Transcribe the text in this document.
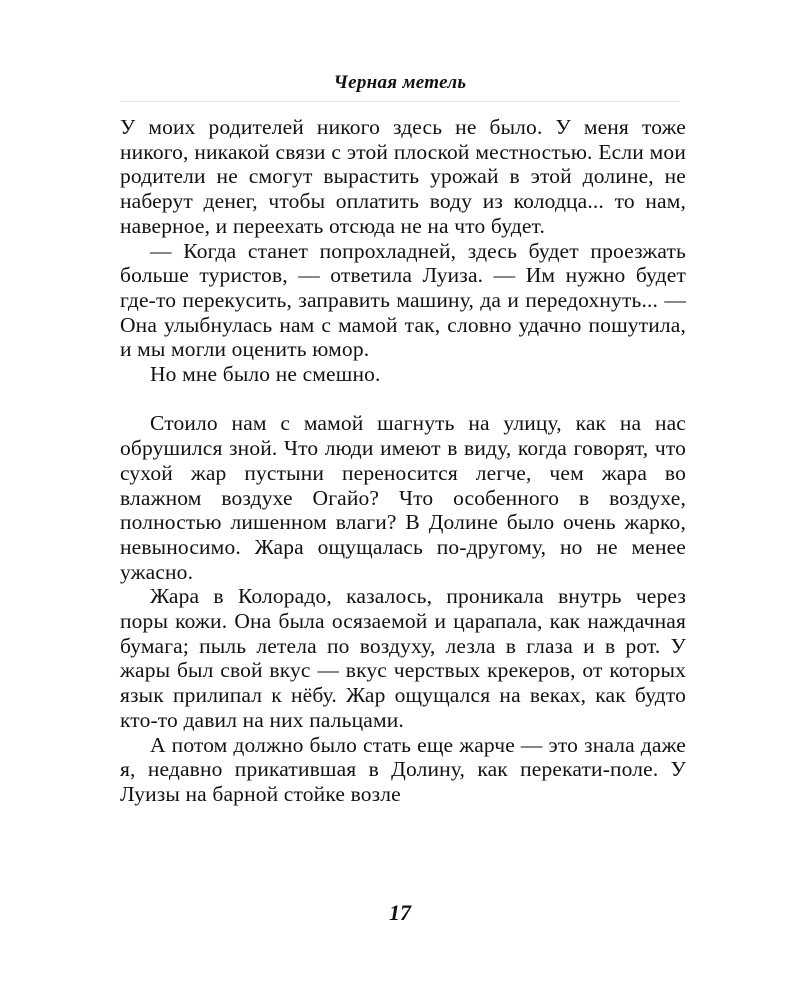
Черная метель

У моих родителей никого здесь не было. У меня тоже никого, никакой связи с этой плоской местностью. Если мои родители не смогут вырастить урожай в этой долине, не наберут денег, чтобы оплатить воду из колодца... то нам, наверное, и переехать отсюда не на что будет.

— Когда станет попрохладней, здесь будет проезжать больше туристов, — ответила Луиза. — Им нужно будет где-то перекусить, заправить машину, да и передохнуть... — Она улыбнулась нам с мамой так, словно удачно пошутила, и мы могли оценить юмор.

Но мне было не смешно.

Стоило нам с мамой шагнуть на улицу, как на нас обрушился зной. Что люди имеют в виду, когда говорят, что сухой жар пустыни переносится легче, чем жара во влажном воздухе Огайо? Что особенного в воздухе, полностью лишенном влаги? В Долине было очень жарко, невыносимо. Жара ощущалась по-другому, но не менее ужасно.

Жара в Колорадо, казалось, проникала внутрь через поры кожи. Она была осязаемой и царапала, как наждачная бумага; пыль летела по воздуху, лезла в глаза и в рот. У жары был свой вкус — вкус черствых крекеров, от которых язык прилипал к нёбу. Жар ощущался на веках, как будто кто-то давил на них пальцами.

А потом должно было стать еще жарче — это знала даже я, недавно прикатившая в Долину, как перекати-поле. У Луизы на барной стойке возле

17
